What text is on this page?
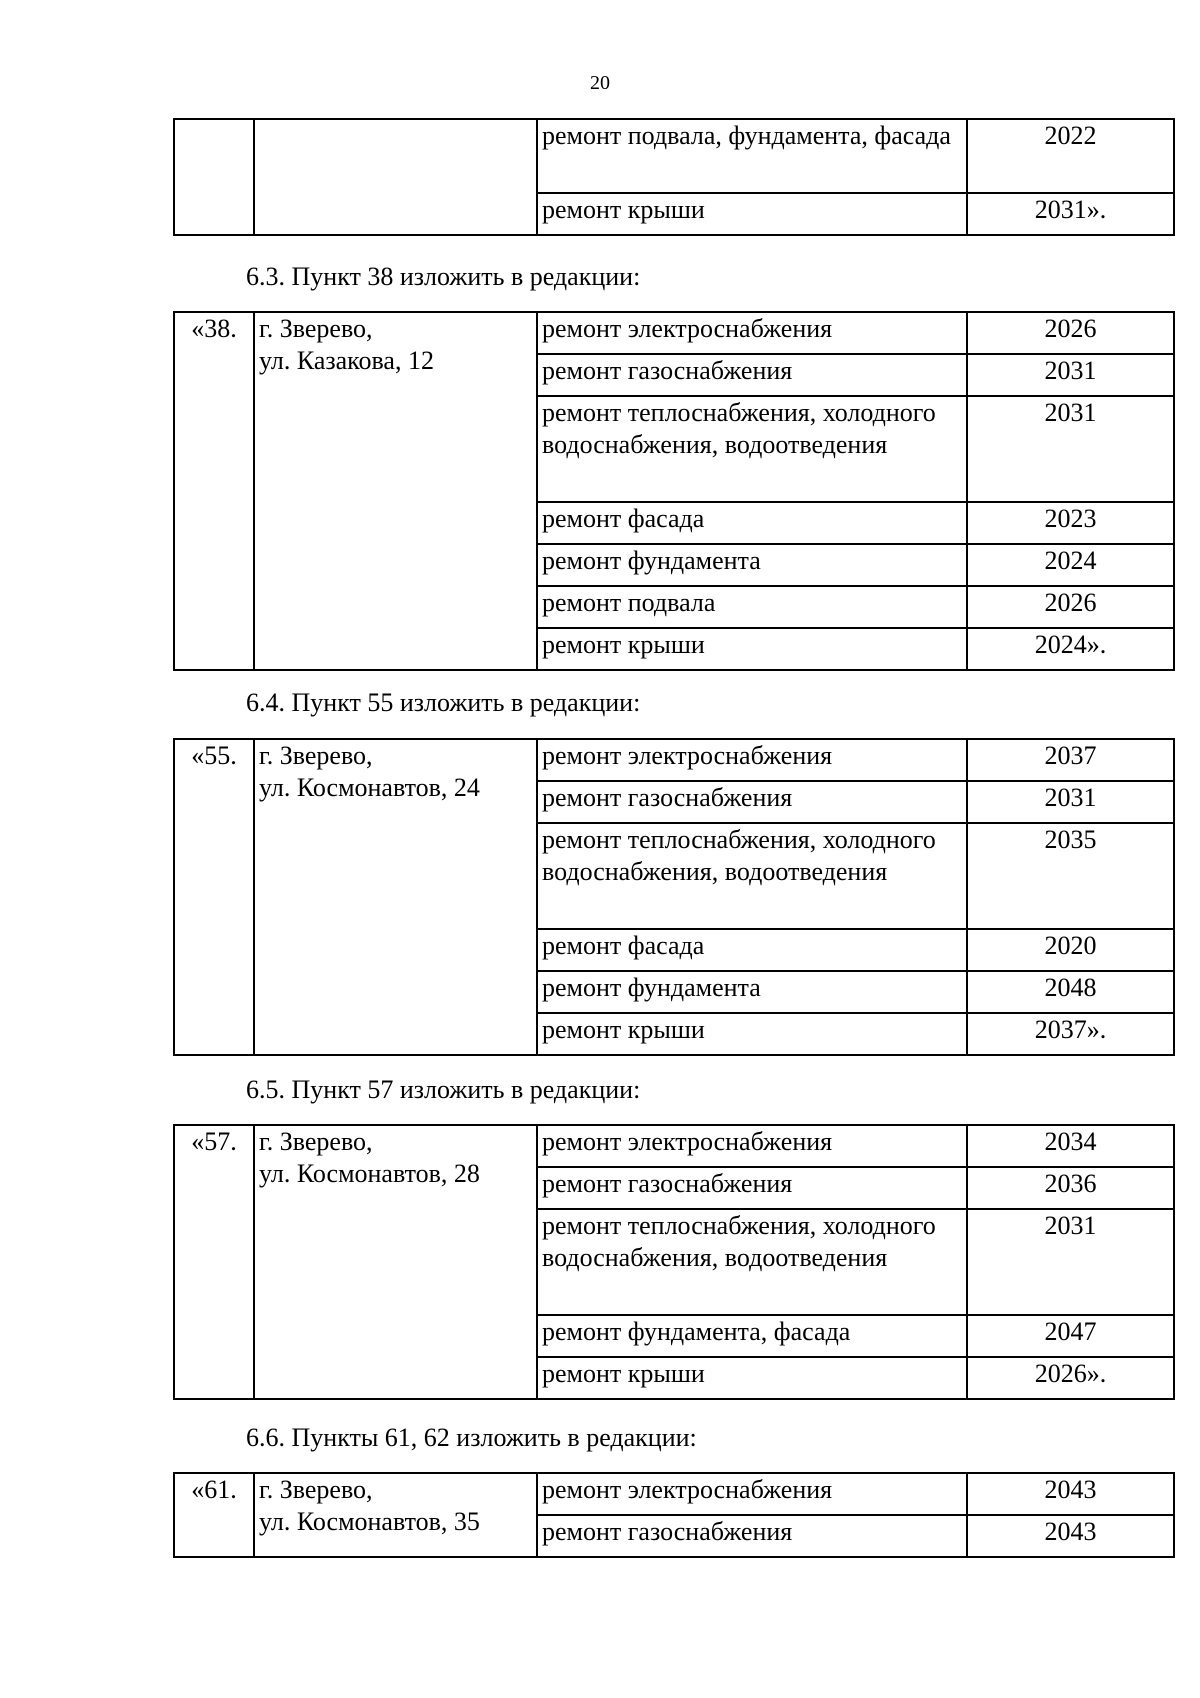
20
		ремонт подвала, фундамента, фасада	2022
		ремонт крыши	2031».
6.3. Пункт 38 изложить в редакции:
«38.	г. Зверево,
ул. Казакова, 12	ремонт электроснабжения	2026
		ремонт газоснабжения	2031
		ремонт теплоснабжения, холодного водоснабжения, водоотведения	2031
		ремонт фасада	2023
		ремонт фундамента	2024
		ремонт подвала	2026
		ремонт крыши	2024».
6.4. Пункт 55 изложить в редакции:
«55.	г. Зверево,
ул. Космонавтов, 24	ремонт электроснабжения	2037
		ремонт газоснабжения	2031
		ремонт теплоснабжения, холодного водоснабжения, водоотведения	2035
		ремонт фасада	2020
		ремонт фундамента	2048
		ремонт крыши	2037».
6.5. Пункт 57 изложить в редакции:
«57.	г. Зверево,
ул. Космонавтов, 28	ремонт электроснабжения	2034
		ремонт газоснабжения	2036
		ремонт теплоснабжения, холодного водоснабжения, водоотведения	2031
		ремонт фундамента, фасада	2047
		ремонт крыши	2026».
6.6. Пункты 61, 62 изложить в редакции:
«61.	г. Зверево,
ул. Космонавтов, 35	ремонт электроснабжения	2043
		ремонт газоснабжения	2043
